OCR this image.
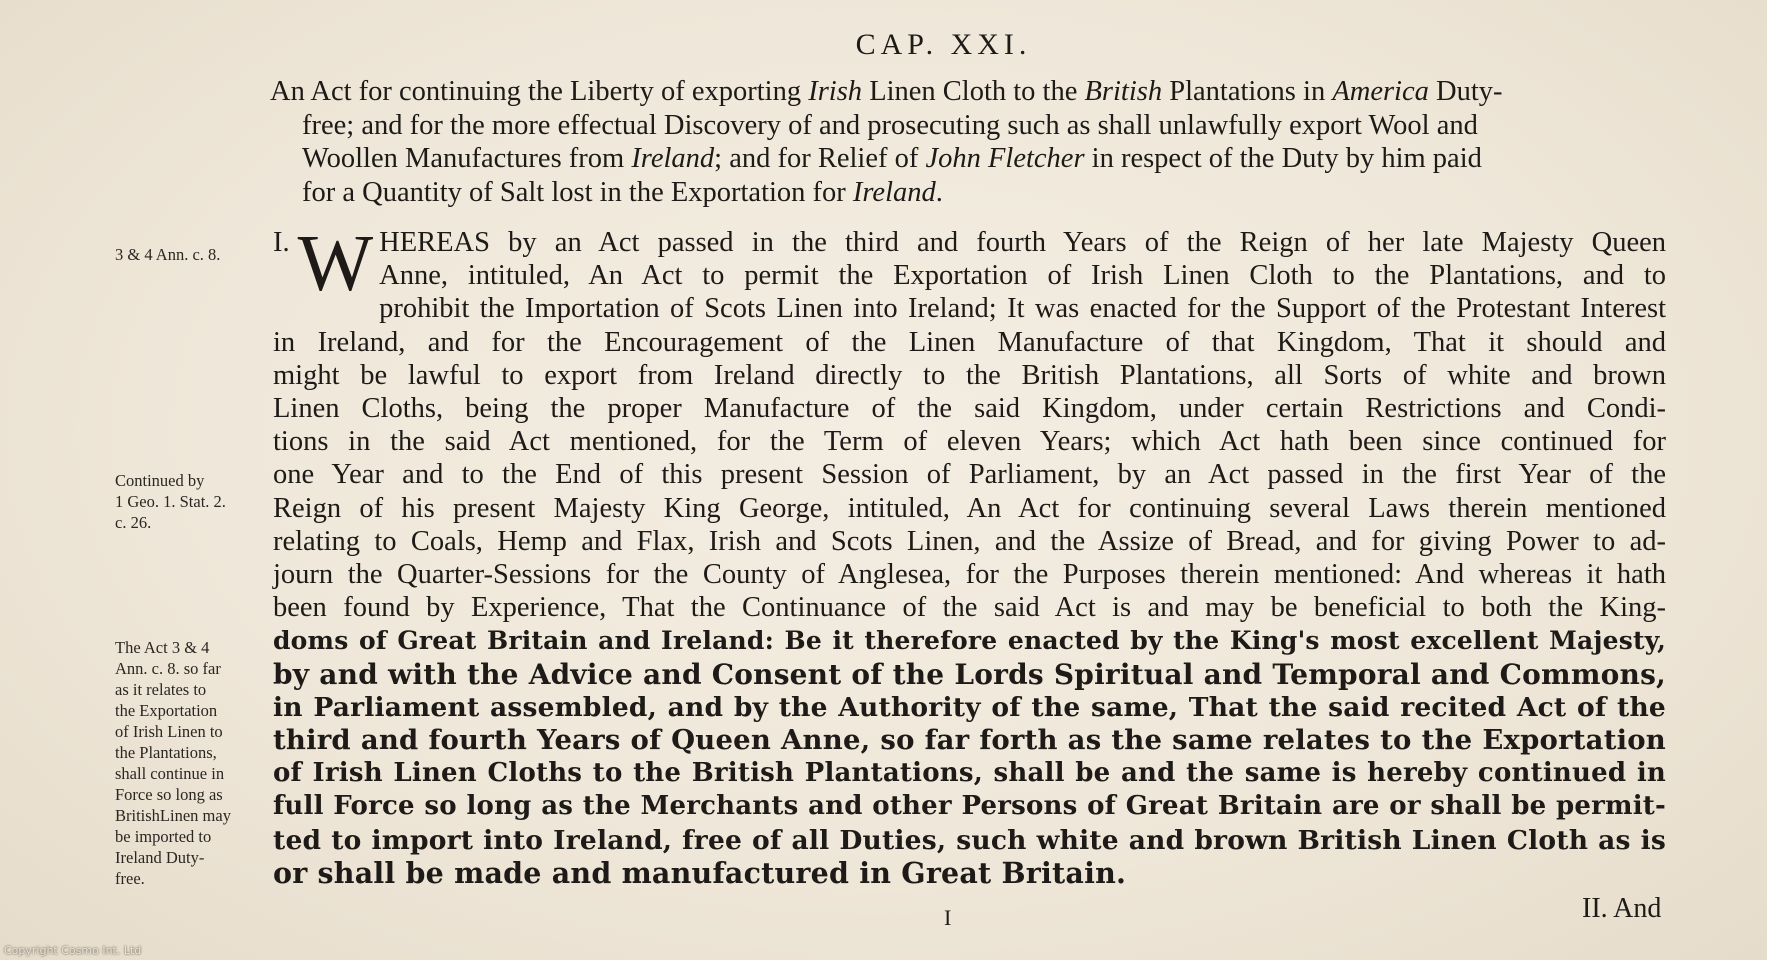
CAP. XXI.
An Act for continuing the Liberty of exporting Irish Linen Cloth to the British Plantations in America Duty-
free; and for the more effectual Discovery of and prosecuting such as shall unlawfully export Wool and
Woollen Manufactures from Ireland; and for Relief of John Fletcher in respect of the Duty by him paid
for a Quantity of Salt lost in the Exportation for Ireland.
3 & 4 Ann. c. 8.
Continued by
1 Geo. 1. Stat. 2.
c. 26.
The Act 3 & 4
Ann. c. 8. so far
as it relates to
the Exportation
of Irish Linen to
the Plantations,
shall continue in
Force so long as
BritishLinen may
be imported to
Ireland Duty-
free.
I. W HEREAS by an Act passed in the third and fourth Years of the Reign of her late Majesty Queen
Anne, intituled, An Act to permit the Exportation of Irish Linen Cloth to the Plantations, and to
prohibit the Importation of Scots Linen into Ireland; It was enacted for the Support of the Protestant Interest
in Ireland, and for the Encouragement of the Linen Manufacture of that Kingdom, That it should and
might be lawful to export from Ireland directly to the British Plantations, all Sorts of white and brown
Linen Cloths, being the proper Manufacture of the said Kingdom, under certain Restrictions and Condi-
tions in the said Act mentioned, for the Term of eleven Years; which Act hath been since continued for
one Year and to the End of this present Session of Parliament, by an Act passed in the first Year of the
Reign of his present Majesty King George, intituled, An Act for continuing several Laws therein mentioned
relating to Coals, Hemp and Flax, Irish and Scots Linen, and the Assize of Bread, and for giving Power to ad-
journ the Quarter-Sessions for the County of Anglesea, for the Purposes therein mentioned: And whereas it hath
been found by Experience, That the Continuance of the said Act is and may be beneficial to both the King-
doms of Great Britain and Ireland: Be it therefore enacted by the King's most excellent Majesty,
by and with the Advice and Consent of the Lords Spiritual and Temporal and Commons,
in Parliament assembled, and by the Authority of the same, That the said recited Act of the
third and fourth Years of Queen Anne, so far forth as the same relates to the Exportation
of Irish Linen Cloths to the British Plantations, shall be and the same is hereby continued in
full Force so long as the Merchants and other Persons of Great Britain are or shall be permit-
ted to import into Ireland, free of all Duties, such white and brown British Linen Cloth as is
or shall be made and manufactured in Great Britain.
I	II. And
Copyright Cosmo Int. Ltd
